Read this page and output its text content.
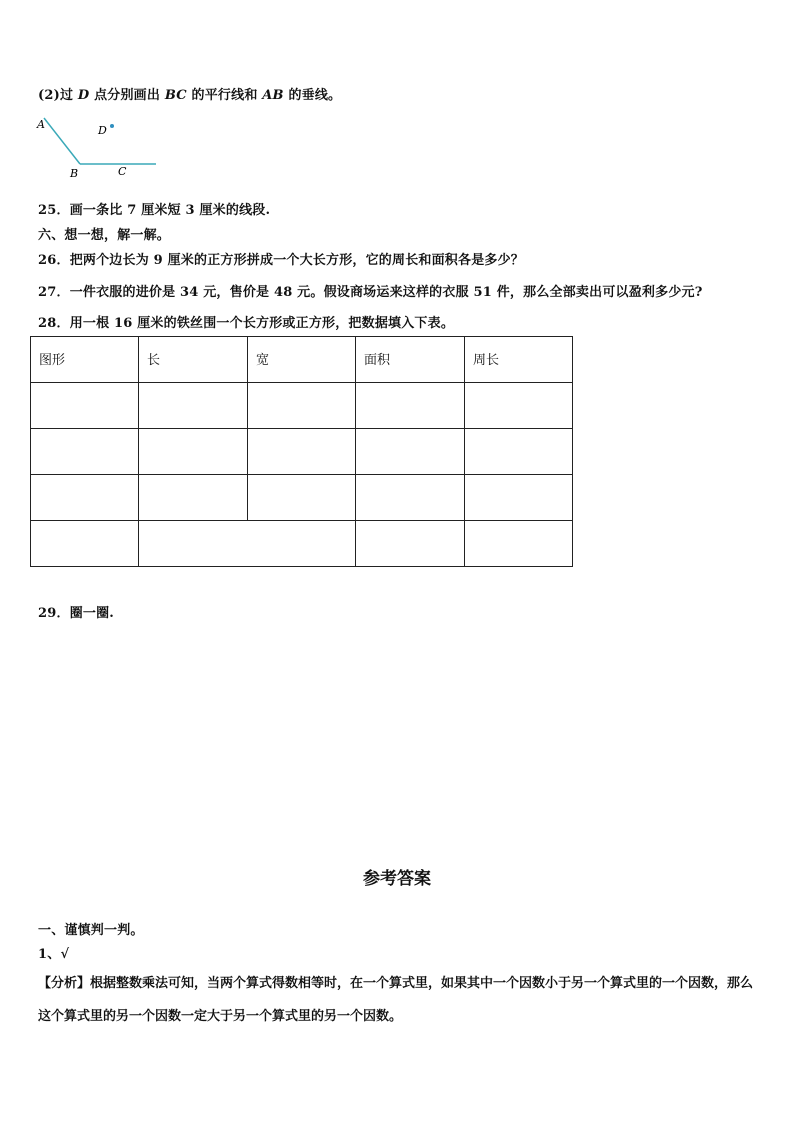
(2)过 D 点分别画出 BC 的平行线和 AB 的垂线。
A
B	C
D
25．画一条比 7 厘米短 3 厘米的线段.
六、想一想，解一解。
26．把两个边长为 9 厘米的正方形拼成一个大长方形，它的周长和面积各是多少？
27．一件衣服的进价是 34 元，售价是 48 元。假设商场运来这样的衣服 51 件，那么全部卖出可以盈利多少元?
28．用一根 16 厘米的铁丝围一个长方形或正方形，把数据填入下表。
图形	长	宽	面积	周长

29．圈一圈.
参考答案
一、谨慎判一判。
1、√
【分析】根据整数乘法可知，当两个算式得数相等时，在一个算式里，如果其中一个因数小于另一个算式里的一个因数，那么这个算式里的另一个因数一定大于另一个算式里的另一个因数。
